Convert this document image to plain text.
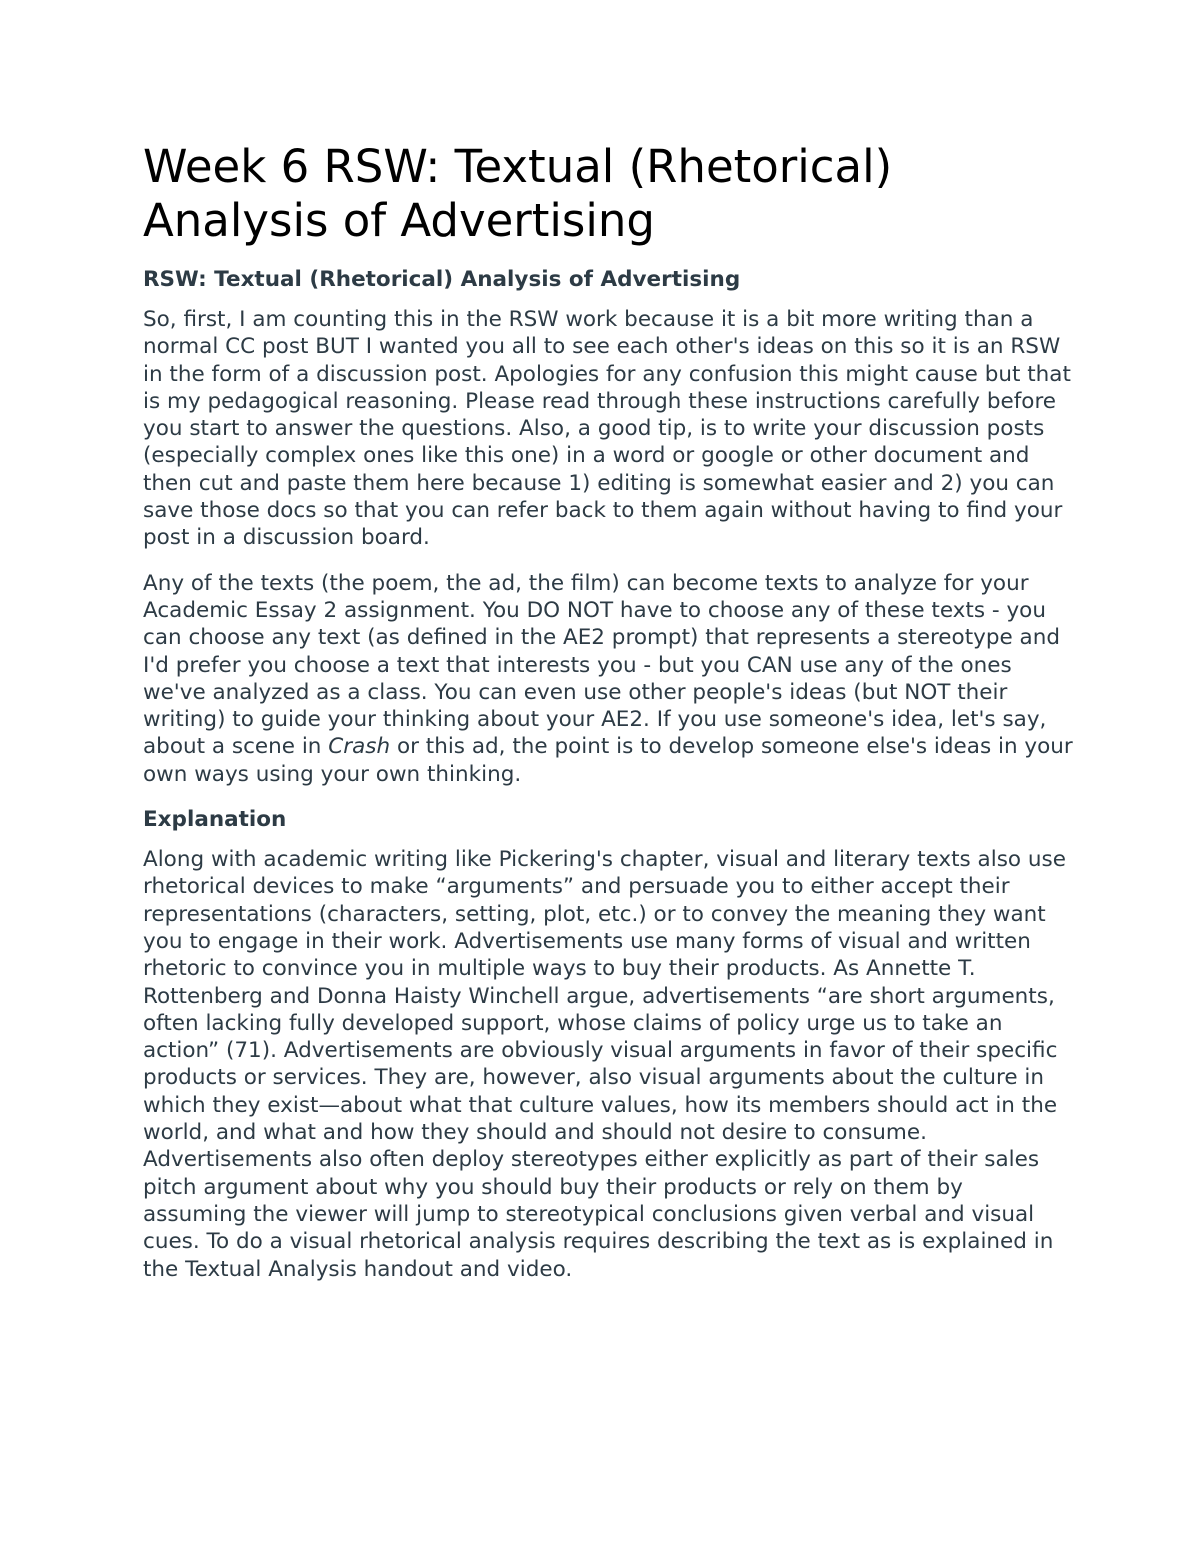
Week 6 RSW: Textual (Rhetorical) Analysis of Advertising
RSW: Textual (Rhetorical) Analysis of Advertising

So, first, I am counting this in the RSW work because it is a bit more writing than a normal CC post BUT I wanted you all to see each other's ideas on this so it is an RSW in the form of a discussion post. Apologies for any confusion this might cause but that is my pedagogical reasoning. Please read through these instructions carefully before you start to answer the questions. Also, a good tip, is to write your discussion posts (especially complex ones like this one) in a word or google or other document and then cut and paste them here because 1) editing is somewhat easier and 2) you can save those docs so that you can refer back to them again without having to find your post in a discussion board.

Any of the texts (the poem, the ad, the film) can become texts to analyze for your Academic Essay 2 assignment. You DO NOT have to choose any of these texts - you can choose any text (as defined in the AE2 prompt) that represents a stereotype and I'd prefer you choose a text that interests you - but you CAN use any of the ones we've analyzed as a class. You can even use other people's ideas (but NOT their writing) to guide your thinking about your AE2. If you use someone's idea, let's say, about a scene in Crash or this ad, the point is to develop someone else's ideas in your own ways using your own thinking.

Explanation

Along with academic writing like Pickering's chapter, visual and literary texts also use rhetorical devices to make “arguments” and persuade you to either accept their representations (characters, setting, plot, etc.) or to convey the meaning they want you to engage in their work. Advertisements use many forms of visual and written rhetoric to convince you in multiple ways to buy their products. As Annette T. Rottenberg and Donna Haisty Winchell argue, advertisements “are short arguments, often lacking fully developed support, whose claims of policy urge us to take an action” (71). Advertisements are obviously visual arguments in favor of their specific products or services. They are, however, also visual arguments about the culture in which they exist—about what that culture values, how its members should act in the world, and what and how they should and should not desire to consume. Advertisements also often deploy stereotypes either explicitly as part of their sales pitch argument about why you should buy their products or rely on them by assuming the viewer will jump to stereotypical conclusions given verbal and visual cues. To do a visual rhetorical analysis requires describing the text as is explained in the Textual Analysis handout and video.
